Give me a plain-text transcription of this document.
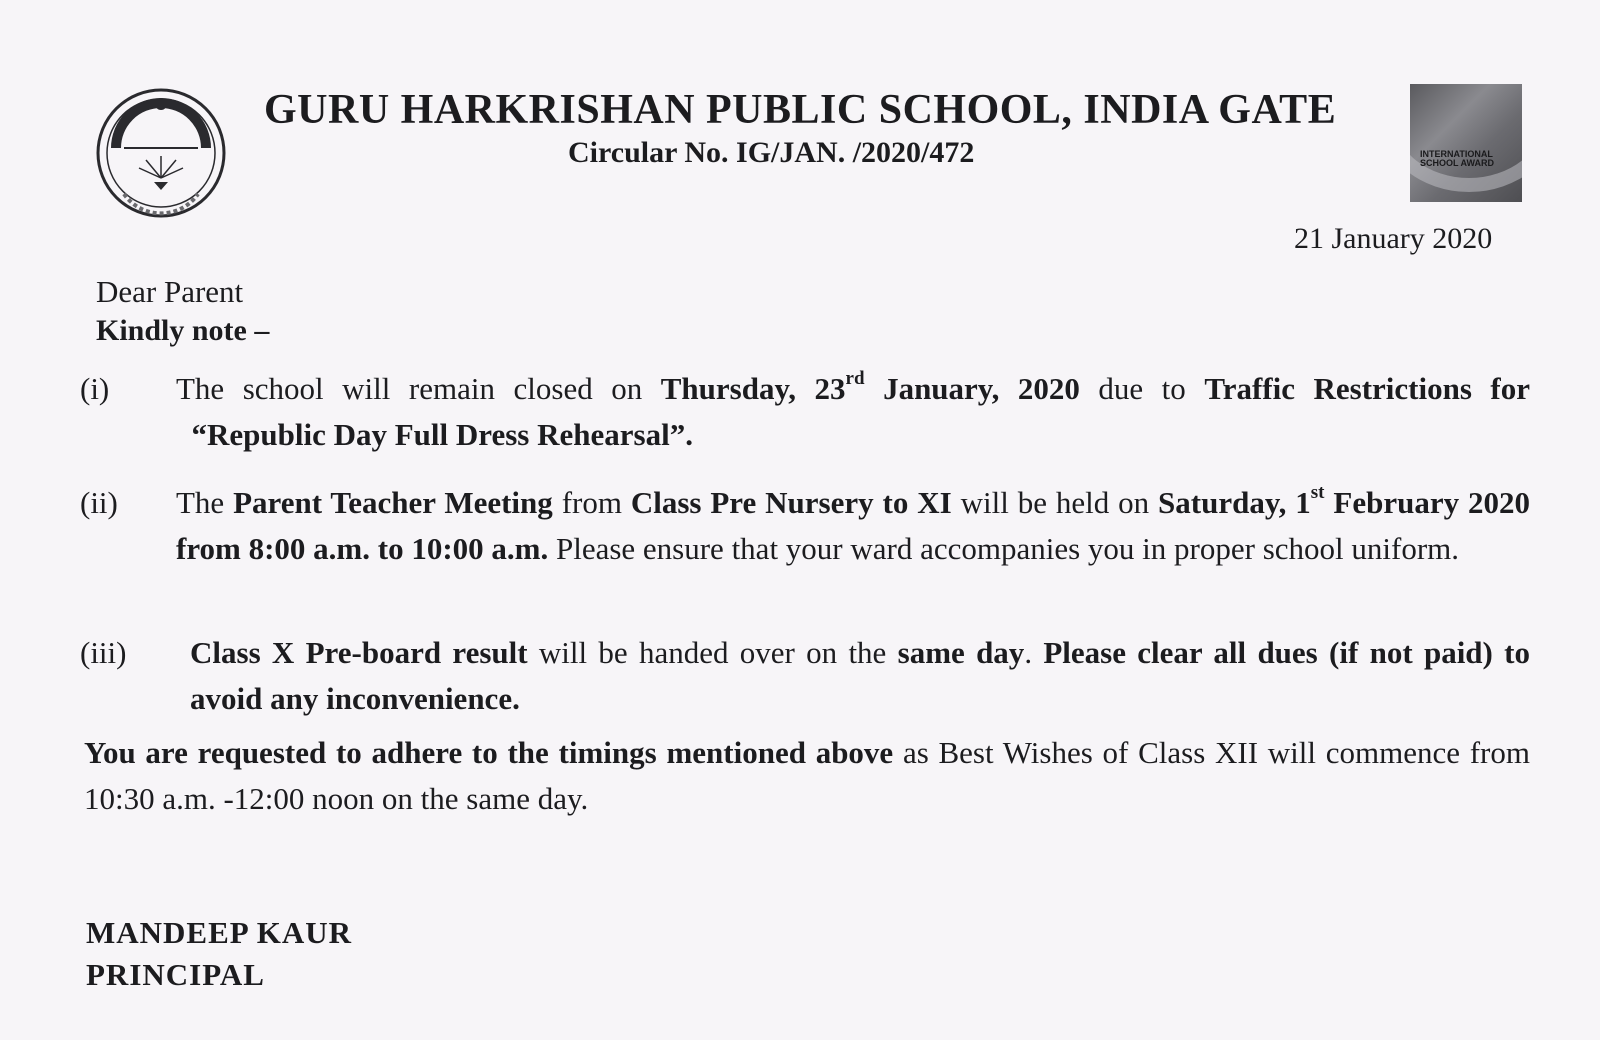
GURU HARKRISHAN PUBLIC SCHOOL, INDIA GATE
Circular No. IG/JAN. /2020/472	INTERNATIONAL SCHOOL AWARD
21 January 2020
Dear Parent
Kindly note –
(i) The school will remain closed on Thursday, 23rd January, 2020 due to Traffic Restrictions for   “Republic Day Full Dress Rehearsal”.
(ii) The Parent Teacher Meeting from Class Pre Nursery to XI will be held on Saturday, 1st February 2020 from 8:00 a.m. to 10:00 a.m. Please ensure that your ward accompanies you in proper school uniform.
(iii) Class X Pre-board result will be handed over on the same day. Please clear all dues (if not paid) to avoid any inconvenience.
You are requested to adhere to the timings mentioned above as Best Wishes of Class XII will commence from 10:30 a.m. -12:00 noon on the same day.
MANDEEP KAUR
PRINCIPAL
